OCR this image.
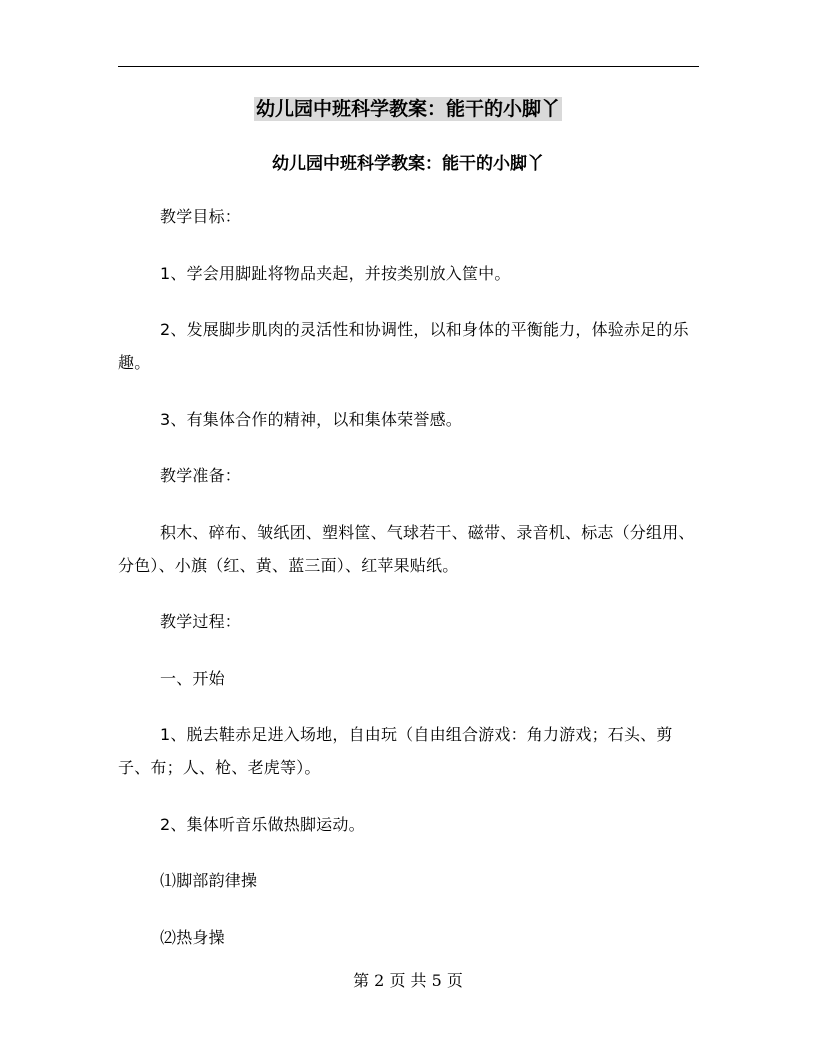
幼儿园中班科学教案：能干的小脚丫
幼儿园中班科学教案：能干的小脚丫

教学目标：

1、学会用脚趾将物品夹起，并按类别放入筐中。

2、发展脚步肌肉的灵活性和协调性，以和身体的平衡能力，体验赤足的乐趣。

3、有集体合作的精神，以和集体荣誉感。

教学准备：

积木、碎布、皱纸团、塑料筐、气球若干、磁带、录音机、标志（分组用、分色）、小旗（红、黄、蓝三面）、红苹果贴纸。

教学过程：

一、开始

1、脱去鞋赤足进入场地，自由玩（自由组合游戏：角力游戏；石头、剪子、布；人、枪、老虎等）。

2、集体听音乐做热脚运动。

⑴脚部韵律操

⑵热身操

第 2 页 共 5 页
